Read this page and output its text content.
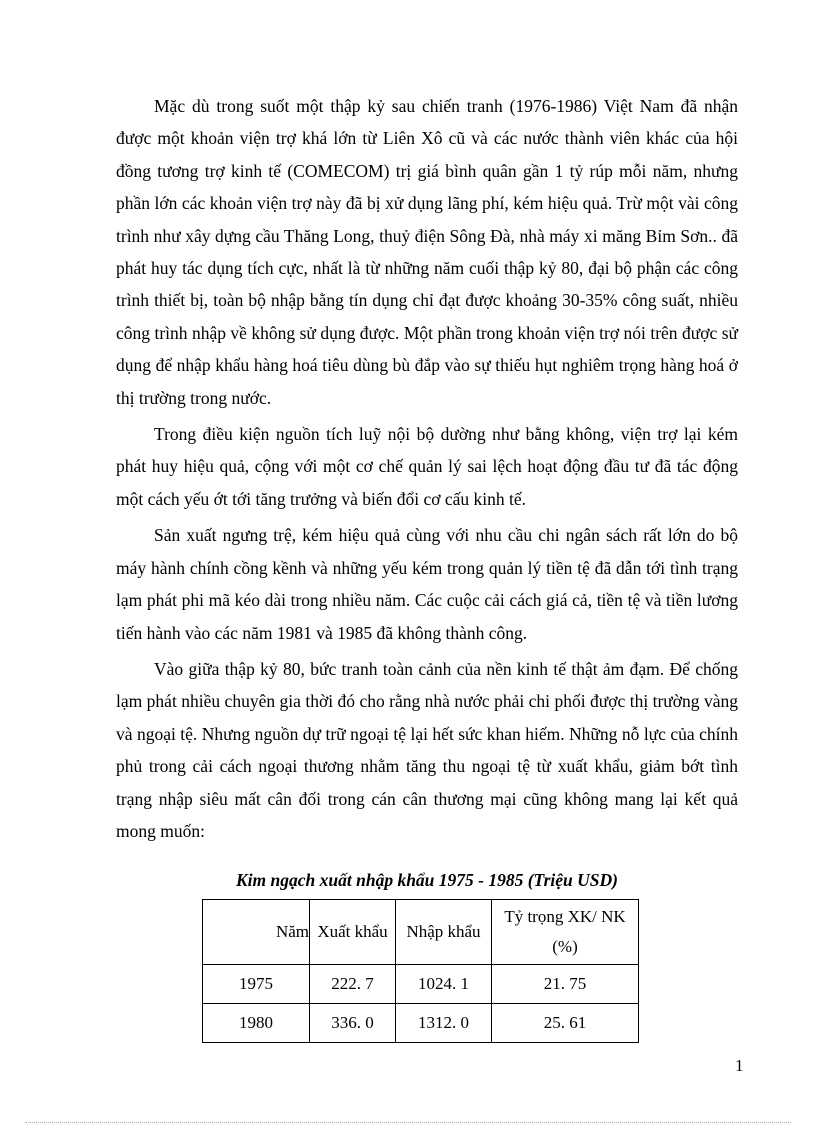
Mặc dù trong suốt một thập kỷ sau chiến tranh (1976-1986) Việt Nam đã nhận được một khoản viện trợ khá lớn từ Liên Xô cũ và các nước thành viên khác của hội đồng tương trợ kinh tế (COMECOM) trị giá bình quân gần 1 tỷ rúp mỗi năm, nhưng phần lớn các khoản viện trợ này đã bị xử dụng lãng phí, kém hiệu quả. Trừ một vài công trình như xây dựng cầu Thăng Long, thuỷ điện Sông Đà, nhà máy xi măng Bỉm Sơn.. đã phát huy tác dụng tích cực, nhất là từ những năm cuối thập kỷ 80, đại bộ phận các công trình thiết bị, toàn bộ nhập bằng tín dụng chỉ đạt được khoảng 30-35% công suất, nhiều công trình nhập về không sử dụng được. Một phần trong khoản viện trợ nói trên được sử dụng để nhập khẩu hàng hoá tiêu dùng bù đắp vào sự thiếu hụt nghiêm trọng hàng hoá ở thị trường trong nước.

Trong điều kiện nguồn tích luỹ nội bộ dường như bằng không, viện trợ lại kém phát huy hiệu quả, cộng với một cơ chế quản lý sai lệch hoạt động đầu tư đã tác động một cách yếu ớt tới tăng trưởng và biến đổi cơ cấu kinh tế.

Sản xuất ngưng trệ, kém hiệu quả cùng với nhu cầu chi ngân sách rất lớn do bộ máy hành chính cồng kềnh và những yếu kém trong quản lý tiền tệ đã dẫn tới tình trạng lạm phát phi mã kéo dài trong nhiều năm. Các cuộc cải cách giá cả, tiền tệ và tiền lương tiến hành vào các năm 1981 và 1985 đã không thành công.

Vào giữa thập kỷ 80, bức tranh toàn cảnh của nền kinh tế thật ảm đạm. Để chống lạm phát nhiều chuyên gia thời đó cho rằng nhà nước phải chi phối được thị trường vàng và ngoại tệ. Nhưng nguồn dự trữ ngoại tệ lại hết sức khan hiếm. Những nỗ lực của chính phủ trong cải cách ngoại thương nhằm tăng thu ngoại tệ từ xuất khẩu, giảm bớt tình trạng nhập siêu mất cân đối trong cán cân thương mại cũng không mang lại kết quả mong muốn:

Kim ngạch xuất nhập khẩu 1975 - 1985 (Triệu USD)

Năm	Xuất khẩu	Nhập khẩu	Tỷ trọng XK/ NK
(%)
1975	222. 7	1024. 1	21. 75
1980	336. 0	1312. 0	25. 61
1
